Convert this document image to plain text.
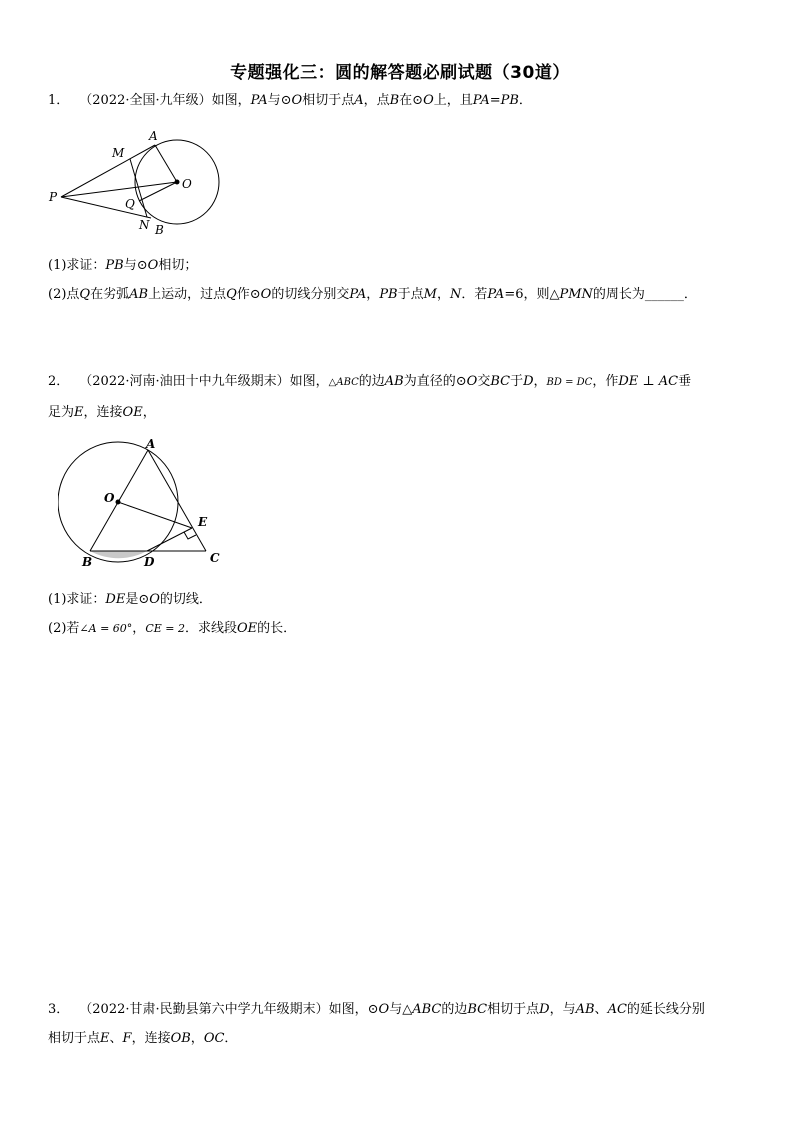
专题强化三：圆的解答题必刷试题（30道）
1． （2022·全国·九年级）如图，PA与⊙O相切于点A，点B在⊙O上，且PA=PB．
A
M
O
P	Q
N B
(1)求证：PB与⊙O相切；
(2)点Q在劣弧AB上运动，过点Q作⊙O的切线分别交PA，PB于点M，N．若PA=6，则△PMN的周长为______．
2． （2022·河南·油田十中九年级期末）如图，△ABC的边AB为直径的⊙O交BC于D，BD = DC，作DE ⊥ AC垂
足为E，连接OE，
A
O
E
B	D	C
(1)求证：DE是⊙O的切线．
(2)若∠A = 60°，CE = 2．求线段OE的长．
3． （2022·甘肃·民勤县第六中学九年级期末）如图，⊙O与△ABC的边BC相切于点D，与AB、AC的延长线分别
相切于点E、F，连接OB，OC．
